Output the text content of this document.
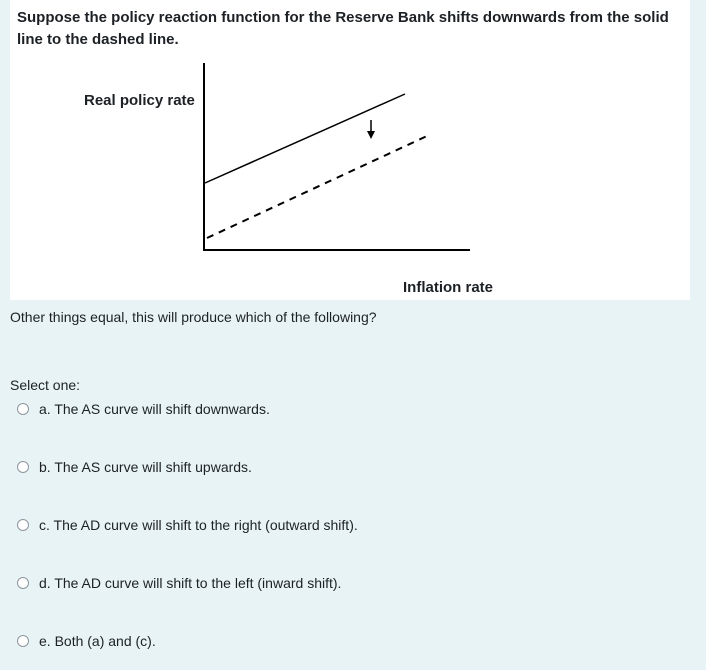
Suppose the policy reaction function for the Reserve Bank shifts downwards from the solid line to the dashed line.

Real policy rate
Inflation rate
Other things equal, this will produce which of the following?
Select one:
a. The AS curve will shift downwards.
b. The AS curve will shift upwards.
c. The AD curve will shift to the right (outward shift).
d. The AD curve will shift to the left (inward shift).
e. Both (a) and (c).
